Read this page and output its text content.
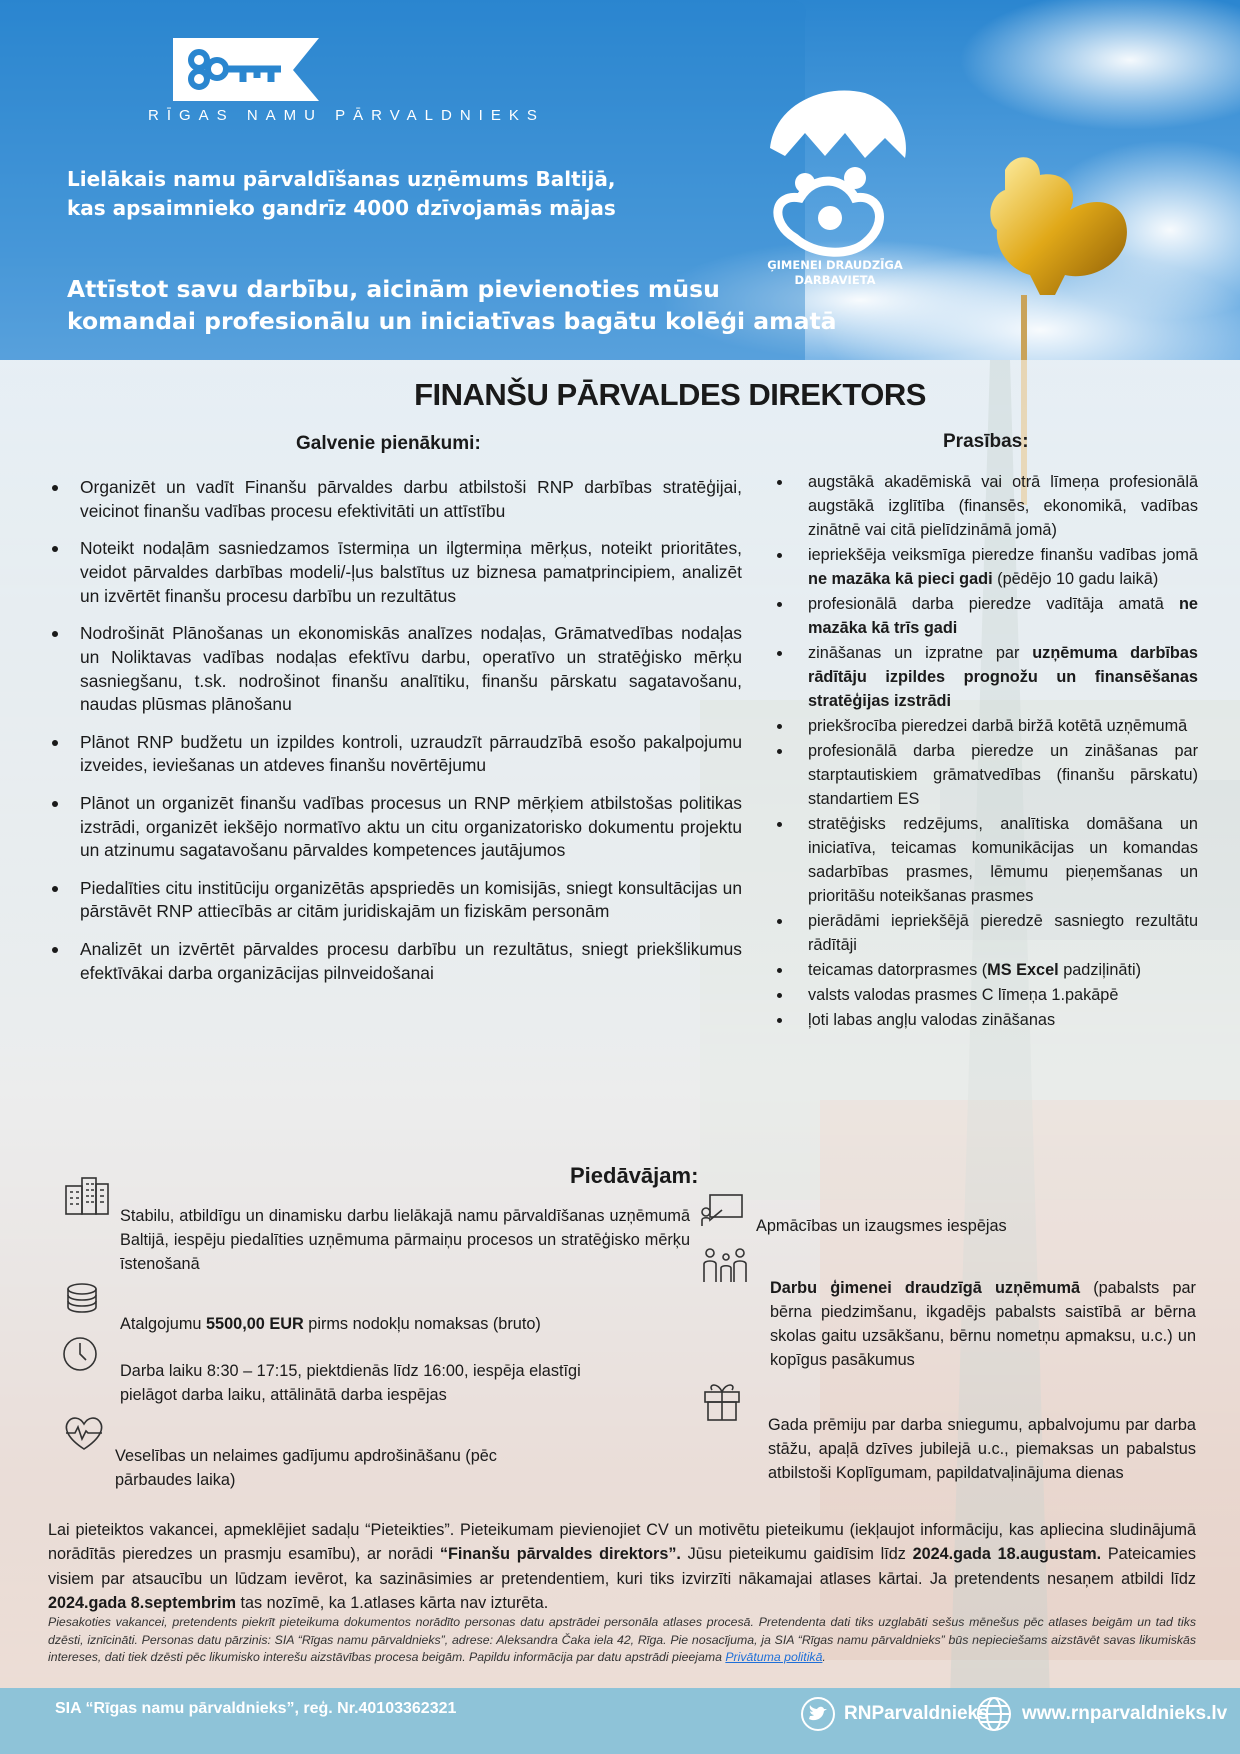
RĪGAS NAMU PĀRVALDNIEKS
Lielākais namu pārvaldīšanas uzņēmums Baltijā,
kas apsaimnieko gandrīz 4000 dzīvojamās mājas
Attīstot savu darbību, aicinām pievienoties mūsu
komandai profesionālu un iniciatīvas bagātu kolēģi amatā
ĢIMENEI DRAUDZĪGA
DARBAVIETA
FINANŠU PĀRVALDES DIREKTORS
Galvenie pienākumi:
Organizēt un vadīt Finanšu pārvaldes darbu atbilstoši RNP darbības stratēģijai, veicinot finanšu vadības procesu efektivitāti un attīstību
Noteikt nodaļām sasniedzamos īstermiņa un ilgtermiņa mērķus, noteikt prioritātes, veidot pārvaldes darbības modeli/-ļus balstītus uz biznesa pamatprincipiem, analizēt un izvērtēt finanšu procesu darbību un rezultātus
Nodrošināt Plānošanas un ekonomiskās analīzes nodaļas, Grāmatvedības nodaļas un Noliktavas vadības nodaļas efektīvu darbu, operatīvo un stratēģisko mērķu sasniegšanu, t.sk. nodrošinot finanšu analītiku, finanšu pārskatu sagatavošanu, naudas plūsmas plānošanu
Plānot RNP budžetu un izpildes kontroli, uzraudzīt pārraudzībā esošo pakalpojumu izveides, ieviešanas un atdeves finanšu novērtējumu
Plānot un organizēt finanšu vadības procesus un RNP mērķiem atbilstošas politikas izstrādi, organizēt iekšējo normatīvo aktu un citu organizatorisko dokumentu projektu un atzinumu sagatavošanu pārvaldes kompetences jautājumos
Piedalīties citu institūciju organizētās apspriedēs un komisijās, sniegt konsultācijas un pārstāvēt RNP attiecībās ar citām juridiskajām un fiziskām personām
Analizēt un izvērtēt pārvaldes procesu darbību un rezultātus, sniegt priekšlikumus efektīvākai darba organizācijas pilnveidošanai
Prasības:
augstākā akadēmiskā vai otrā līmeņa profesionālā augstākā izglītība (finansēs, ekonomikā, vadības zinātnē vai citā pielīdzināmā jomā)
iepriekšēja veiksmīga pieredze finanšu vadības jomā ne mazāka kā pieci gadi (pēdējo 10 gadu laikā)
profesionālā darba pieredze vadītāja amatā ne mazāka kā trīs gadi
zināšanas un izpratne par uzņēmuma darbības rādītāju izpildes prognožu un finansēšanas stratēģijas izstrādi
priekšrocība pieredzei darbā biržā kotētā uzņēmumā
profesionālā darba pieredze un zināšanas par starptautiskiem grāmatvedības (finanšu pārskatu) standartiem ES
stratēģisks redzējums, analītiska domāšana un iniciatīva, teicamas komunikācijas un komandas sadarbības prasmes, lēmumu pieņemšanas un prioritāšu noteikšanas prasmes
pierādāmi iepriekšējā pieredzē sasniegto rezultātu rādītāji
teicamas datorprasmes (MS Excel padziļināti)
valsts valodas prasmes C līmeņa 1.pakāpē
ļoti labas angļu valodas zināšanas
Piedāvājam:
Stabilu, atbildīgu un dinamisku darbu lielākajā namu pārvaldīšanas uzņēmumā Baltijā, iespēju piedalīties uzņēmuma pārmaiņu procesos un stratēģisko mērķu īstenošanā
Atalgojumu 5500,00 EUR pirms nodokļu nomaksas (bruto)
Darba laiku 8:30 – 17:15, piektdienās līdz 16:00, iespēja elastīgi pielāgot darba laiku, attālinātā darba iespējas
Veselības un nelaimes gadījumu apdrošināšanu (pēc pārbaudes laika)
Apmācības un izaugsmes iespējas
Darbu ģimenei draudzīgā uzņēmumā (pabalsts par bērna piedzimšanu, ikgadējs pabalsts saistībā ar bērna skolas gaitu uzsākšanu, bērnu nometņu apmaksu, u.c.) un kopīgus pasākumus
Gada prēmiju par darba sniegumu, apbalvojumu par darba stāžu, apaļā dzīves jubilejā u.c., piemaksas un pabalstus atbilstoši Koplīgumam, papildatvaļinājuma dienas
Lai pieteiktos vakancei, apmeklējiet sadaļu “Pieteikties”. Pieteikumam pievienojiet CV un motivētu pieteikumu (iekļaujot informāciju, kas apliecina sludinājumā norādītās pieredzes un prasmju esamību), ar norādi “Finanšu pārvaldes direktors”. Jūsu pieteikumu gaidīsim līdz 2024.gada 18.augustam. Pateicamies visiem par atsaucību un lūdzam ievērot, ka sazināsimies ar pretendentiem, kuri tiks izvirzīti nākamajai atlases kārtai. Ja pretendents nesaņem atbildi līdz 2024.gada 8.septembrim tas nozīmē, ka 1.atlases kārta nav izturēta.
Piesakoties vakancei, pretendents piekrīt pieteikuma dokumentos norādīto personas datu apstrādei personāla atlases procesā. Pretendenta dati tiks uzglabāti sešus mēnešus pēc atlases beigām un tad tiks dzēsti, iznīcināti. Personas datu pārzinis: SIA “Rīgas namu pārvaldnieks”, adrese: Aleksandra Čaka iela 42, Rīga. Pie nosacījuma, ja SIA “Rīgas namu pārvaldnieks” būs nepieciešams aizstāvēt savas likumiskās intereses, dati tiek dzēsti pēc likumisko interešu aizstāvības procesa beigām. Papildu informācija par datu apstrādi pieejama Privātuma politikā.
SIA “Rīgas namu pārvaldnieks”, reģ. Nr.40103362321	RNParvaldnieks www.rnparvaldnieks.lv
